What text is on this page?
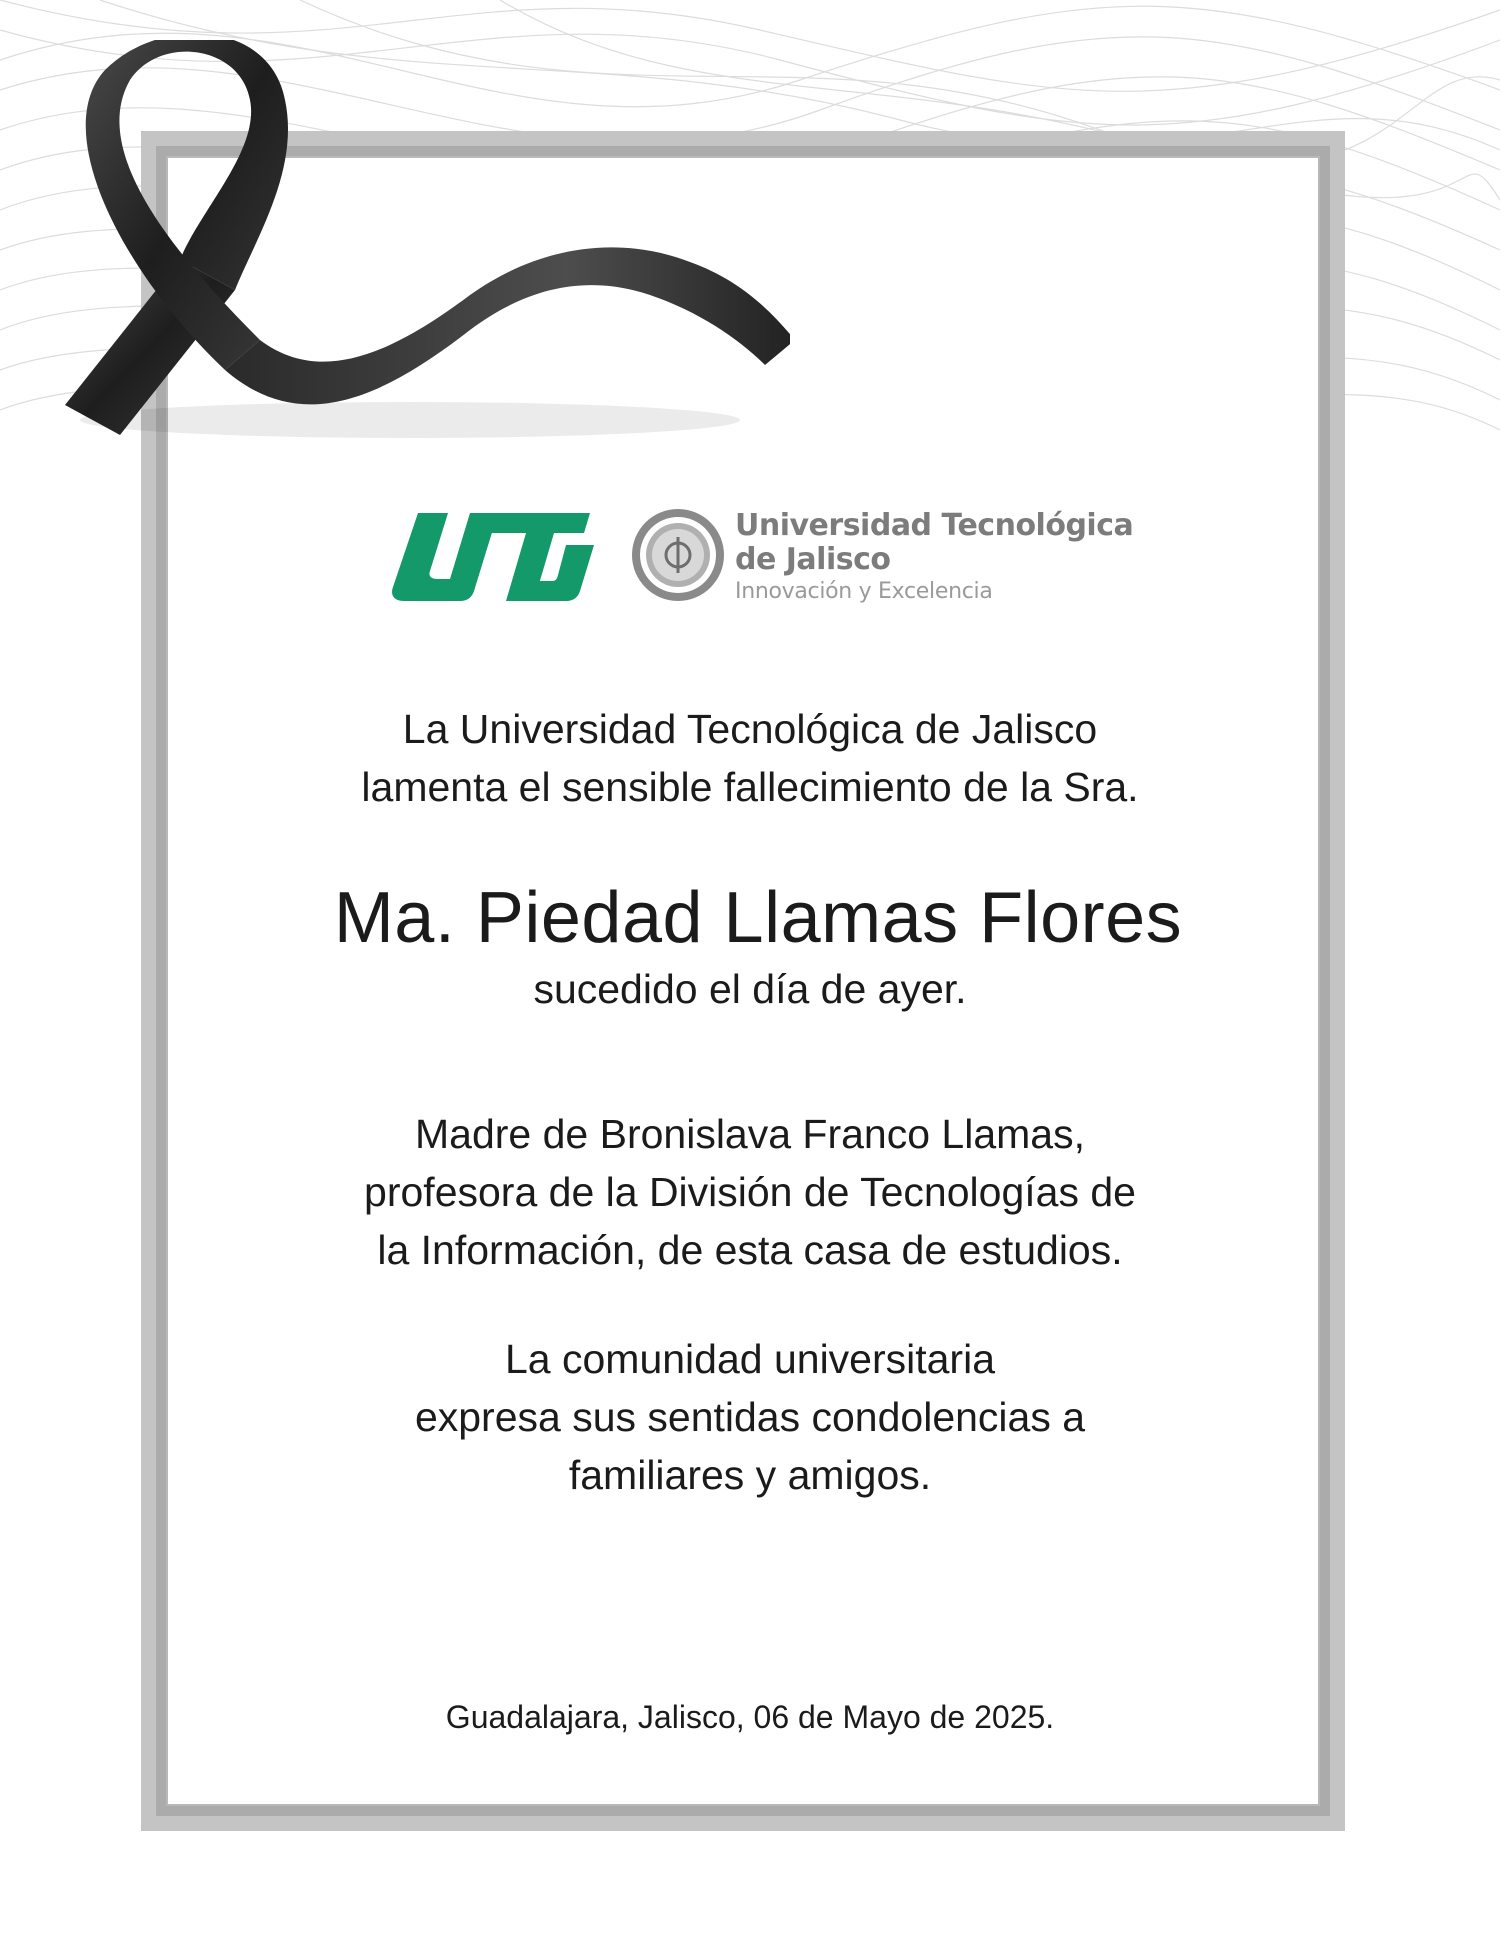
Universidad Tecnológica
de Jalisco
Innovación y Excelencia
La Universidad Tecnológica de Jalisco
lamenta el sensible fallecimiento de la Sra.
Ma. Piedad Llamas Flores
sucedido el día de ayer.
Madre de Bronislava Franco Llamas,
profesora de la División de Tecnologías de
la Información, de esta casa de estudios.
La comunidad universitaria
expresa sus sentidas condolencias a
familiares y amigos.
Guadalajara, Jalisco, 06 de Mayo de 2025.
